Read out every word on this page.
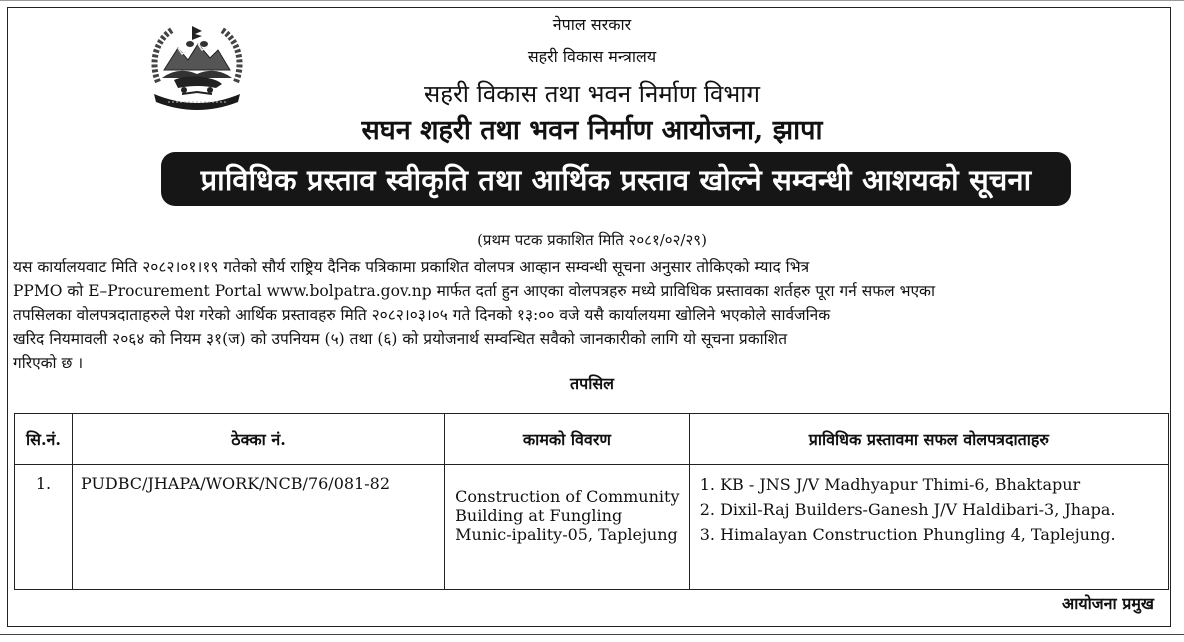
नेपाल सरकार
सहरी विकास मन्त्रालय
सहरी विकास तथा भवन निर्माण विभाग
सघन शहरी तथा भवन निर्माण आयोजना, झापा
प्राविधिक प्रस्ताव स्वीकृति तथा आर्थिक प्रस्ताव खोल्ने सम्वन्धी आशयको सूचना
(प्रथम पटक प्रकाशित मिति २०८१/०२/२९)
यस कार्यालयवाट मिति २०८२।०१।१९ गतेको सौर्य राष्ट्रिय दैनिक पत्रिकामा प्रकाशित वोलपत्र आव्हान सम्वन्धी सूचना अनुसार तोकिएको म्याद भित्र
PPMO को E–Procurement Portal www.bolpatra.gov.np मार्फत दर्ता हुन आएका वोलपत्रहरु मध्ये प्राविधिक प्रस्तावका शर्तहरु पूरा गर्न सफल भएका
तपसिलका वोलपत्रदाताहरुले पेश गरेको आर्थिक प्रस्तावहरु मिति २०८२।०३।०५ गते दिनको १३:०० वजे यसै कार्यालयमा खोलिने भएकोले सार्वजनिक
खरिद नियमावली २०६४ को नियम ३१(ज) को उपनियम (५) तथा (६) को प्रयोजनार्थ सम्वन्धित सवैको जानकारीको लागि यो सूचना प्रकाशित
गरिएको छ ।
तपसिल
सि.नं.	ठेक्का नं.	कामको विवरण	प्राविधिक प्रस्तावमा सफल वोलपत्रदाताहरु
1.	PUDBC/JHAPA/WORK/NCB/76/081-82	Construction of Community Building at Fungling Munic-ipality-05, Taplejung	1. KB - JNS J/V Madhyapur Thimi-6, Bhaktapur
2. Dixil-Raj Builders-Ganesh J/V Haldibari-3, Jhapa.
3. Himalayan Construction Phungling 4, Taplejung.
आयोजना प्रमुख
